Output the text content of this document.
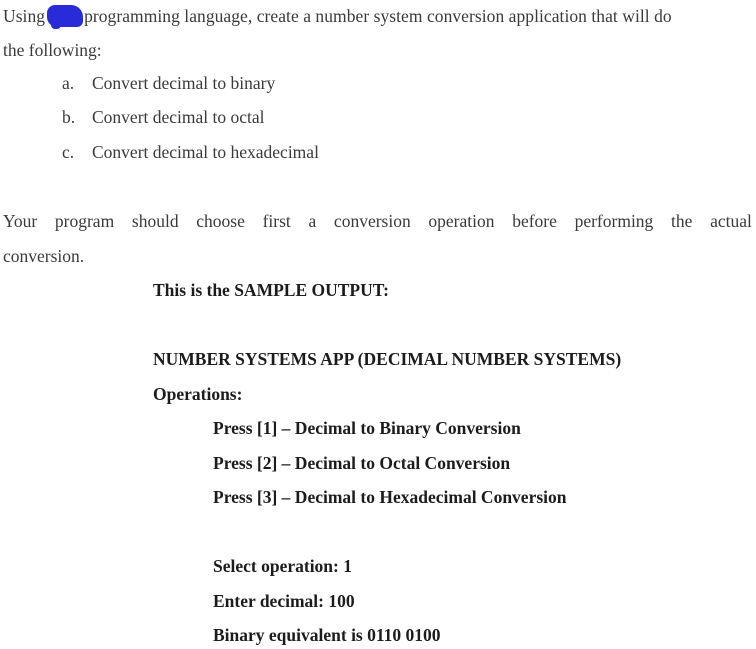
Using programming language, create a number system conversion application that will do
the following:
a. Convert decimal to binary
b. Convert decimal to octal
c. Convert decimal to hexadecimal
Your program should choose first a conversion operation before performing the actual
conversion.
This is the SAMPLE OUTPUT:
NUMBER SYSTEMS APP (DECIMAL NUMBER SYSTEMS)
Operations:
Press [1] – Decimal to Binary Conversion
Press [2] – Decimal to Octal Conversion
Press [3] – Decimal to Hexadecimal Conversion
Select operation: 1
Enter decimal: 100
Binary equivalent is 0110 0100
